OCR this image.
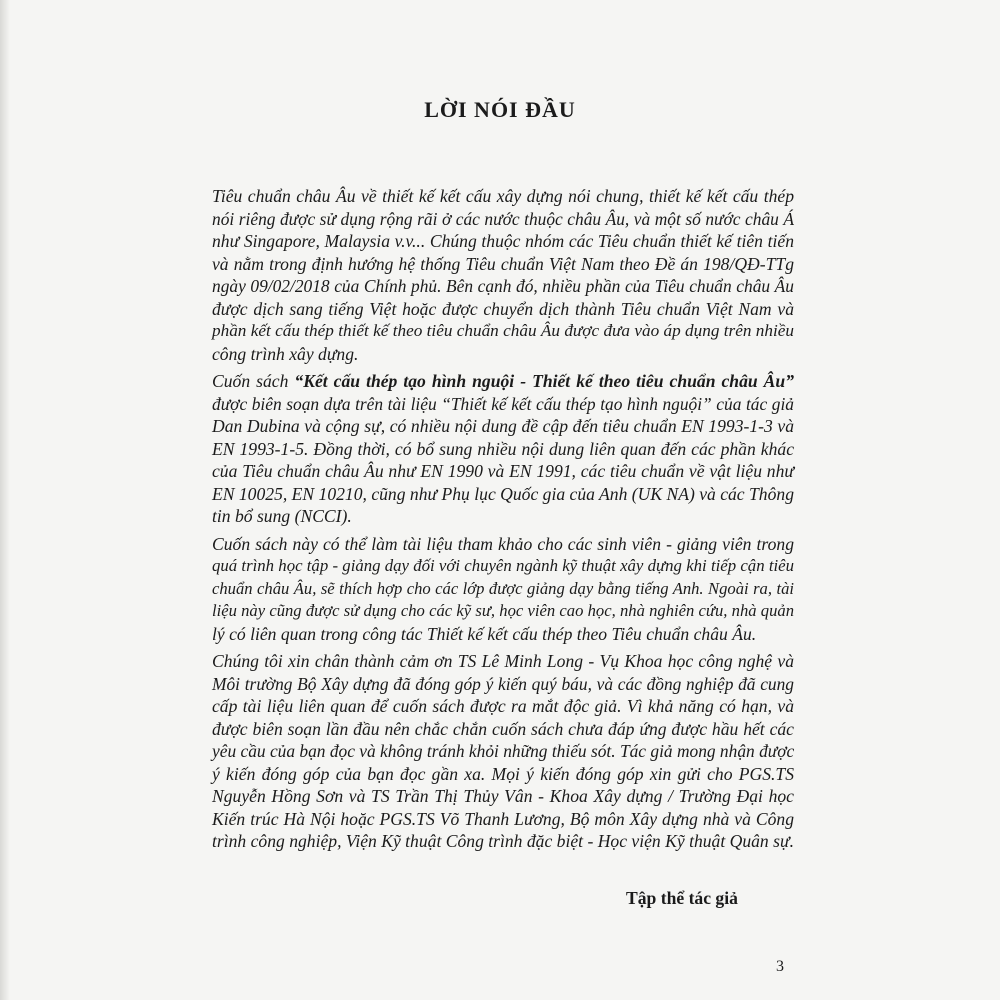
LỜI NÓI ĐẦU
Tiêu chuẩn châu Âu về thiết kế kết cấu xây dựng nói chung, thiết kế kết cấu thép
nói riêng được sử dụng rộng rãi ở các nước thuộc châu Âu, và một số nước châu Á
như Singapore, Malaysia v.v... Chúng thuộc nhóm các Tiêu chuẩn thiết kế tiên tiến
và nằm trong định hướng hệ thống Tiêu chuẩn Việt Nam theo Đề án 198/QĐ-TTg
ngày 09/02/2018 của Chính phủ. Bên cạnh đó, nhiều phần của Tiêu chuẩn châu Âu
được dịch sang tiếng Việt hoặc được chuyển dịch thành Tiêu chuẩn Việt Nam và
phần kết cấu thép thiết kế theo tiêu chuẩn châu Âu được đưa vào áp dụng trên nhiều
công trình xây dựng.
Cuốn sách “Kết cấu thép tạo hình nguội - Thiết kế theo tiêu chuẩn châu Âu”
được biên soạn dựa trên tài liệu “Thiết kế kết cấu thép tạo hình nguội” của tác giả
Dan Dubina và cộng sự, có nhiều nội dung đề cập đến tiêu chuẩn EN 1993-1-3 và
EN 1993-1-5. Đồng thời, có bổ sung nhiều nội dung liên quan đến các phần khác
của Tiêu chuẩn châu Âu như EN 1990 và EN 1991, các tiêu chuẩn về vật liệu như
EN 10025, EN 10210, cũng như Phụ lục Quốc gia của Anh (UK NA) và các Thông
tin bổ sung (NCCI).
Cuốn sách này có thể làm tài liệu tham khảo cho các sinh viên - giảng viên trong
quá trình học tập - giảng dạy đối với chuyên ngành kỹ thuật xây dựng khi tiếp cận tiêu
chuẩn châu Âu, sẽ thích hợp cho các lớp được giảng dạy bằng tiếng Anh. Ngoài ra, tài
liệu này cũng được sử dụng cho các kỹ sư, học viên cao học, nhà nghiên cứu, nhà quản
lý có liên quan trong công tác Thiết kế kết cấu thép theo Tiêu chuẩn châu Âu.
Chúng tôi xin chân thành cảm ơn TS Lê Minh Long - Vụ Khoa học công nghệ và
Môi trường Bộ Xây dựng đã đóng góp ý kiến quý báu, và các đồng nghiệp đã cung
cấp tài liệu liên quan để cuốn sách được ra mắt độc giả. Vì khả năng có hạn, và
được biên soạn lần đầu nên chắc chắn cuốn sách chưa đáp ứng được hầu hết các
yêu cầu của bạn đọc và không tránh khỏi những thiếu sót. Tác giả mong nhận được
ý kiến đóng góp của bạn đọc gần xa. Mọi ý kiến đóng góp xin gửi cho PGS.TS
Nguyễn Hồng Sơn và TS Trần Thị Thủy Vân - Khoa Xây dựng / Trường Đại học
Kiến trúc Hà Nội hoặc PGS.TS Võ Thanh Lương, Bộ môn Xây dựng nhà và Công
trình công nghiệp, Viện Kỹ thuật Công trình đặc biệt - Học viện Kỹ thuật Quân sự.
Tập thể tác giả
3
